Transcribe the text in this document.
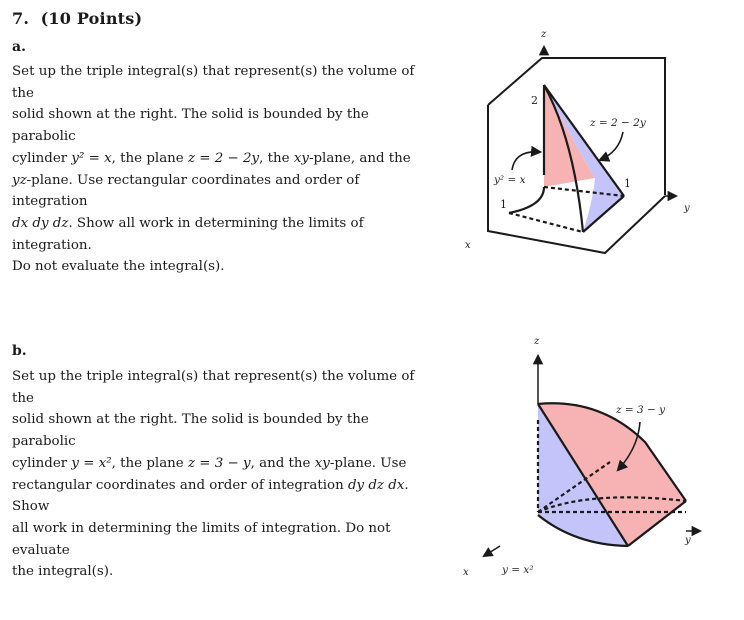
7. (10 Points)
a.
Set up the triple integral(s) that represent(s) the volume of the
solid shown at the right. The solid is bounded by the parabolic
cylinder y² = x, the plane z = 2 − 2y, the xy-plane, and the
yz-plane. Use rectangular coordinates and order of integration
dx dy dz. Show all work in determining the limits of integration.
Do not evaluate the integral(s).
z
y
x
2
1
1
z = 2 − 2y
y² = x
b.
Set up the triple integral(s) that represent(s) the volume of the
solid shown at the right. The solid is bounded by the parabolic
cylinder y = x², the plane z = 3 − y, and the xy-plane. Use
rectangular coordinates and order of integration dy dz dx. Show
all work in determining the limits of integration. Do not evaluate
the integral(s).
z
y
x
z = 3 − y
y = x²
